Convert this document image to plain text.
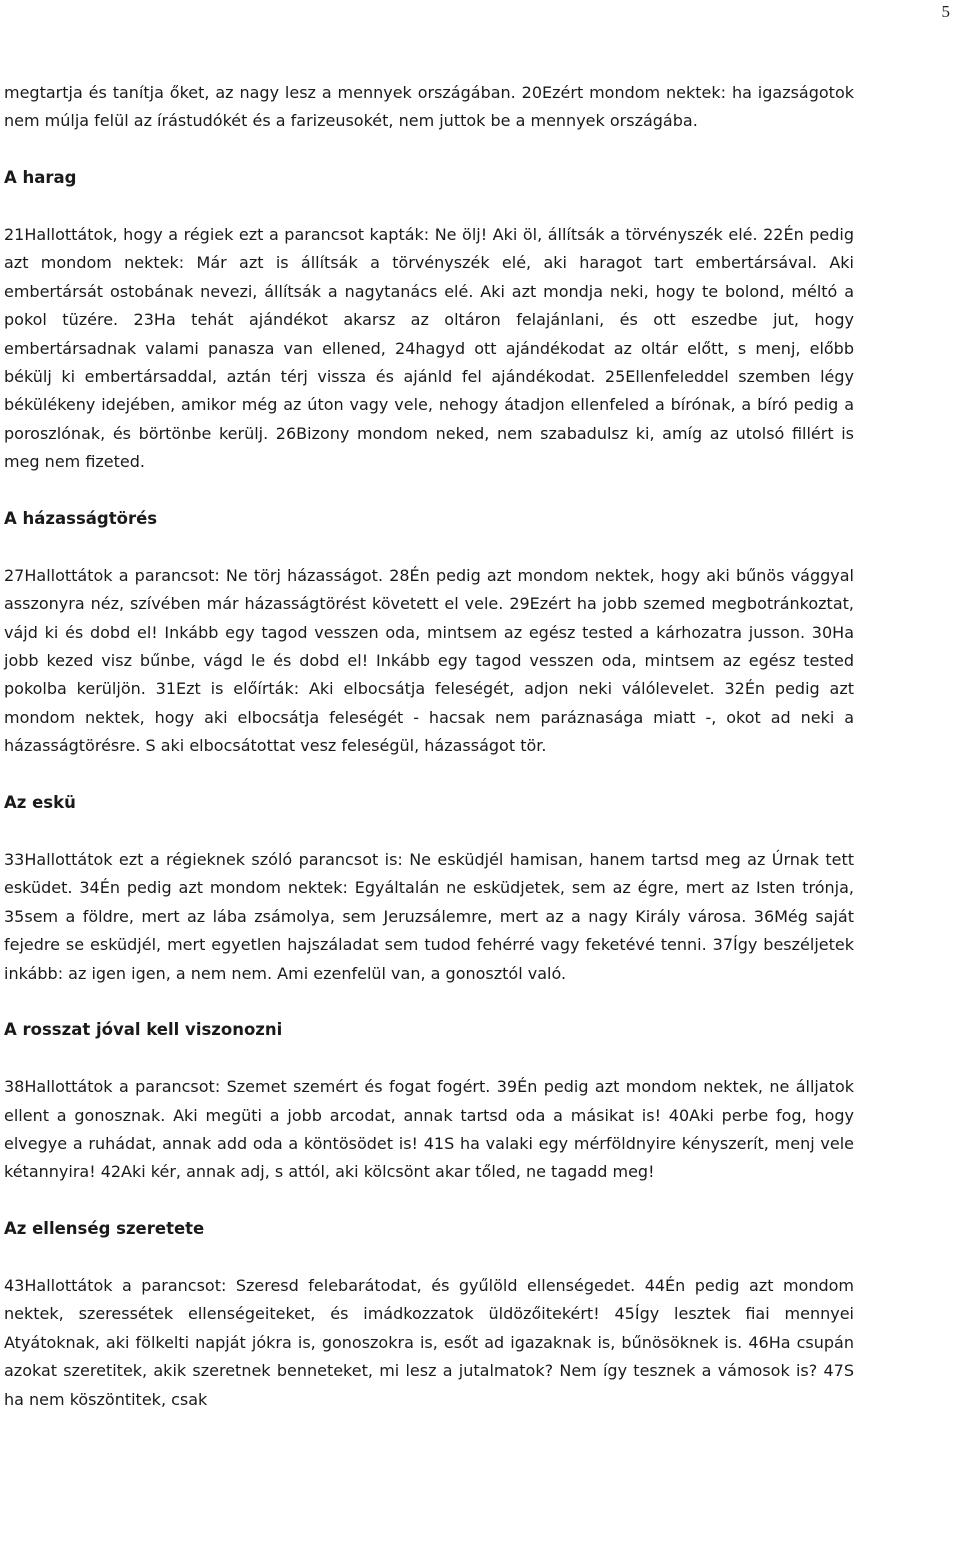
5

megtartja és tanítja őket, az nagy lesz a mennyek országában. 20Ezért mondom nektek: ha igazságotok nem múlja felül az írástudókét és a farizeusokét, nem juttok be a mennyek országába.

A harag

21Hallottátok, hogy a régiek ezt a parancsot kapták: Ne ölj! Aki öl, állítsák a törvényszék elé. 22Én pedig azt mondom nektek: Már azt is állítsák a törvényszék elé, aki haragot tart embertársával. Aki embertársát ostobának nevezi, állítsák a nagytanács elé. Aki azt mondja neki, hogy te bolond, méltó a pokol tüzére. 23Ha tehát ajándékot akarsz az oltáron felajánlani, és ott eszedbe jut, hogy embertársadnak valami panasza van ellened, 24hagyd ott ajándékodat az oltár előtt, s menj, előbb békülj ki embertársaddal, aztán térj vissza és ajánld fel ajándékodat. 25Ellenfeleddel szemben légy békülékeny idejében, amikor még az úton vagy vele, nehogy átadjon ellenfeled a bírónak, a bíró pedig a poroszlónak, és börtönbe kerülj. 26Bizony mondom neked, nem szabadulsz ki, amíg az utolsó fillért is meg nem fizeted.

A házasságtörés

27Hallottátok a parancsot: Ne törj házasságot. 28Én pedig azt mondom nektek, hogy aki bűnös vággyal asszonyra néz, szívében már házasságtörést követett el vele. 29Ezért ha jobb szemed megbotránkoztat, vájd ki és dobd el! Inkább egy tagod vesszen oda, mintsem az egész tested a kárhozatra jusson. 30Ha jobb kezed visz bűnbe, vágd le és dobd el! Inkább egy tagod vesszen oda, mintsem az egész tested pokolba kerüljön. 31Ezt is előírták: Aki elbocsátja feleségét, adjon neki válólevelet. 32Én pedig azt mondom nektek, hogy aki elbocsátja feleségét - hacsak nem paráznasága miatt -, okot ad neki a házasságtörésre. S aki elbocsátottat vesz feleségül, házasságot tör.

Az eskü

33Hallottátok ezt a régieknek szóló parancsot is: Ne esküdjél hamisan, hanem tartsd meg az Úrnak tett esküdet. 34Én pedig azt mondom nektek: Egyáltalán ne esküdjetek, sem az égre, mert az Isten trónja, 35sem a földre, mert az lába zsámolya, sem Jeruzsálemre, mert az a nagy Király városa. 36Még saját fejedre se esküdjél, mert egyetlen hajszáladat sem tudod fehérré vagy feketévé tenni. 37Így beszéljetek inkább: az igen igen, a nem nem. Ami ezenfelül van, a gonosztól való.

A rosszat jóval kell viszonozni

38Hallottátok a parancsot: Szemet szemért és fogat fogért. 39Én pedig azt mondom nektek, ne álljatok ellent a gonosznak. Aki megüti a jobb arcodat, annak tartsd oda a másikat is! 40Aki perbe fog, hogy elvegye a ruhádat, annak add oda a köntösödet is! 41S ha valaki egy mérföldnyire kényszerít, menj vele kétannyira! 42Aki kér, annak adj, s attól, aki kölcsönt akar tőled, ne tagadd meg!

Az ellenség szeretete

43Hallottátok a parancsot: Szeresd felebarátodat, és gyűlöld ellenségedet. 44Én pedig azt mondom nektek, szeressétek ellenségeiteket, és imádkozzatok üldözőitekért! 45Így lesztek fiai mennyei Atyátoknak, aki fölkelti napját jókra is, gonoszokra is, esőt ad igazaknak is, bűnösöknek is. 46Ha csupán azokat szeretitek, akik szeretnek benneteket, mi lesz a jutalmatok? Nem így tesznek a vámosok is? 47S ha nem köszöntitek, csak
